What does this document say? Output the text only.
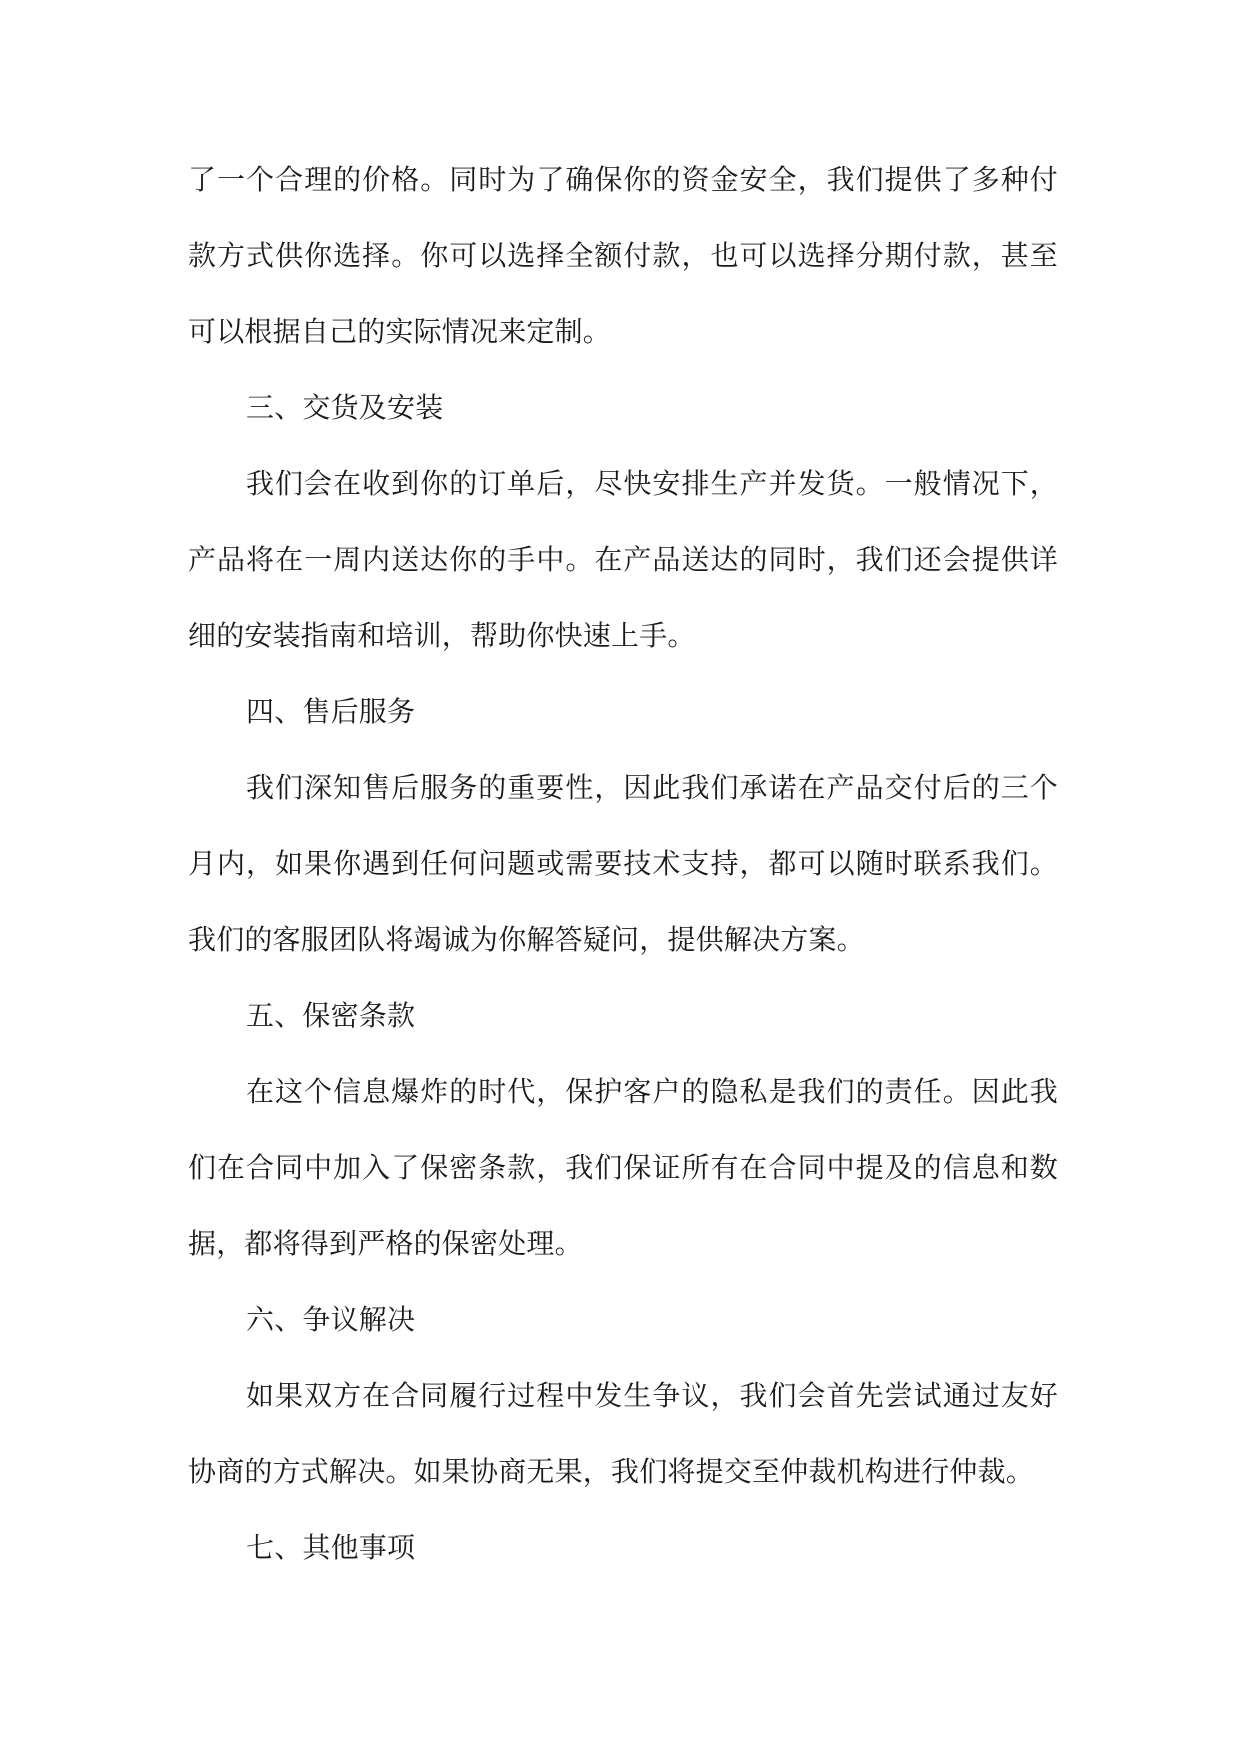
了一个合理的价格。同时为了确保你的资金安全，我们提供了多种付款方式供你选择。你可以选择全额付款，也可以选择分期付款，甚至可以根据自己的实际情况来定制。

三、交货及安装

我们会在收到你的订单后，尽快安排生产并发货。一般情况下，产品将在一周内送达你的手中。在产品送达的同时，我们还会提供详细的安装指南和培训，帮助你快速上手。

四、售后服务

我们深知售后服务的重要性，因此我们承诺在产品交付后的三个月内，如果你遇到任何问题或需要技术支持，都可以随时联系我们。我们的客服团队将竭诚为你解答疑问，提供解决方案。

五、保密条款

在这个信息爆炸的时代，保护客户的隐私是我们的责任。因此我们在合同中加入了保密条款，我们保证所有在合同中提及的信息和数据，都将得到严格的保密处理。

六、争议解决

如果双方在合同履行过程中发生争议，我们会首先尝试通过友好协商的方式解决。如果协商无果，我们将提交至仲裁机构进行仲裁。

七、其他事项
